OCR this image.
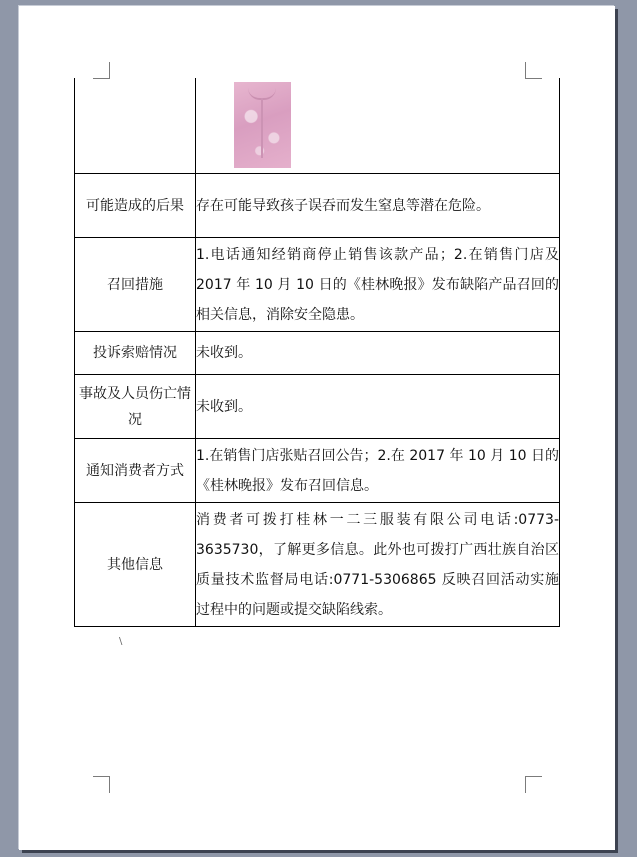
可能造成的后果	存在可能导致孩子误吞而发生窒息等潜在危险。
召回措施	1.电话通知经销商停止销售该款产品；2.在销售门店及 2017 年 10 月 10 日的《桂林晚报》发布缺陷产品召回的相关信息，消除安全隐患。
投诉索赔情况	未收到。
事故及人员伤亡情况	未收到。
通知消费者方式	1.在销售门店张贴召回公告；2.在 2017 年 10 月 10 日的《桂林晚报》发布召回信息。
其他信息	消费者可拨打桂林一二三服装有限公司电话:0773-3635730，了解更多信息。此外也可拨打广西壮族自治区质量技术监督局电话:0771-5306865 反映召回活动实施过程中的问题或提交缺陷线索。
\
